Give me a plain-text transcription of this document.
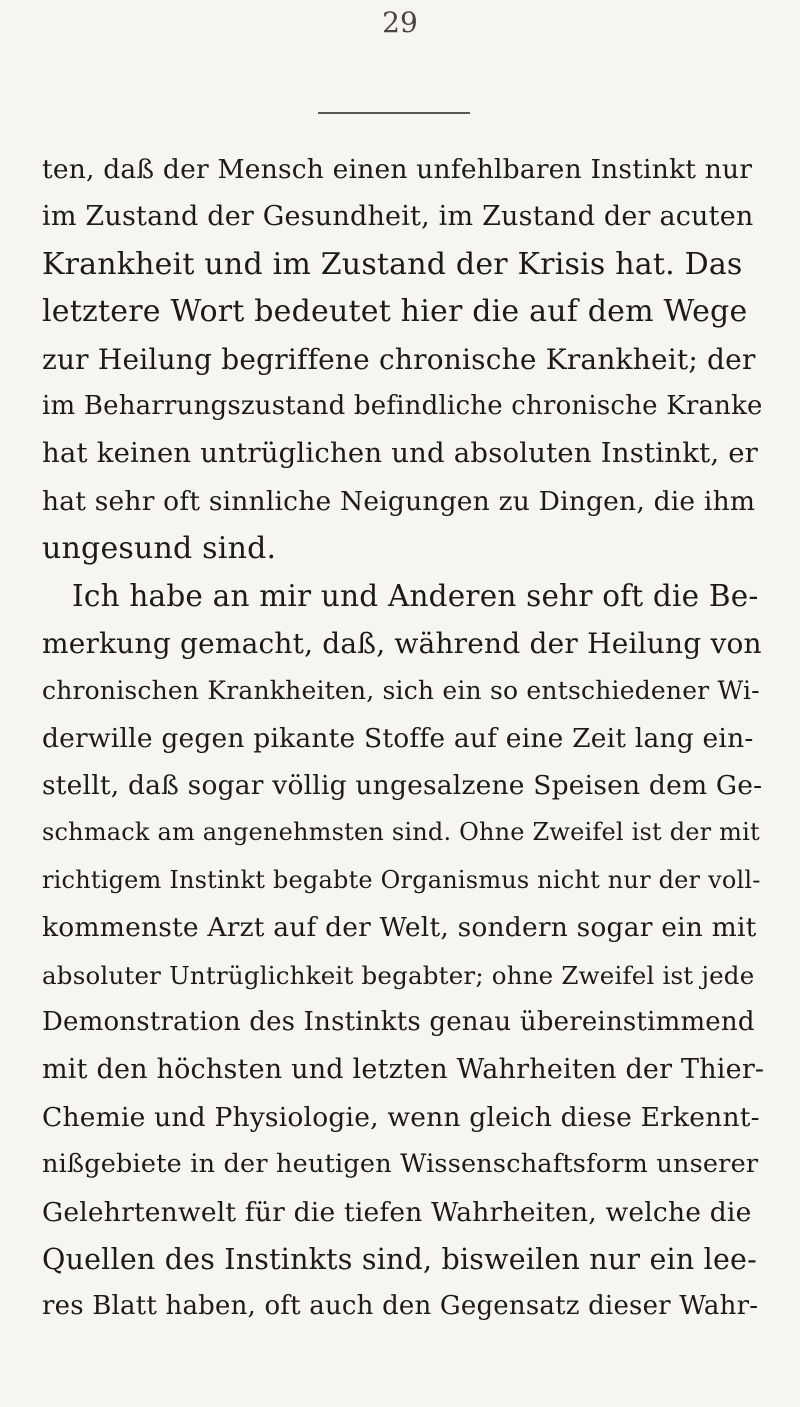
29
ten, daß der Mensch einen unfehlbaren Instinkt nur
im Zustand der Gesundheit, im Zustand der acuten
Krankheit und im Zustand der Krisis hat. Das
letztere Wort bedeutet hier die auf dem Wege
zur Heilung begriffene chronische Krankheit; der
im Beharrungszustand befindliche chronische Kranke
hat keinen untrüglichen und absoluten Instinkt, er
hat sehr oft sinnliche Neigungen zu Dingen, die ihm
ungesund sind.
Ich habe an mir und Anderen sehr oft die Be-
merkung gemacht, daß, während der Heilung von
chronischen Krankheiten, sich ein so entschiedener Wi-
derwille gegen pikante Stoffe auf eine Zeit lang ein-
stellt, daß sogar völlig ungesalzene Speisen dem Ge-
schmack am angenehmsten sind. Ohne Zweifel ist der mit
richtigem Instinkt begabte Organismus nicht nur der voll-
kommenste Arzt auf der Welt, sondern sogar ein mit
absoluter Untrüglichkeit begabter; ohne Zweifel ist jede
Demonstration des Instinkts genau übereinstimmend
mit den höchsten und letzten Wahrheiten der Thier-
Chemie und Physiologie, wenn gleich diese Erkennt-
nißgebiete in der heutigen Wissenschaftsform unserer
Gelehrtenwelt für die tiefen Wahrheiten, welche die
Quellen des Instinkts sind, bisweilen nur ein lee-
res Blatt haben, oft auch den Gegensatz dieser Wahr-
